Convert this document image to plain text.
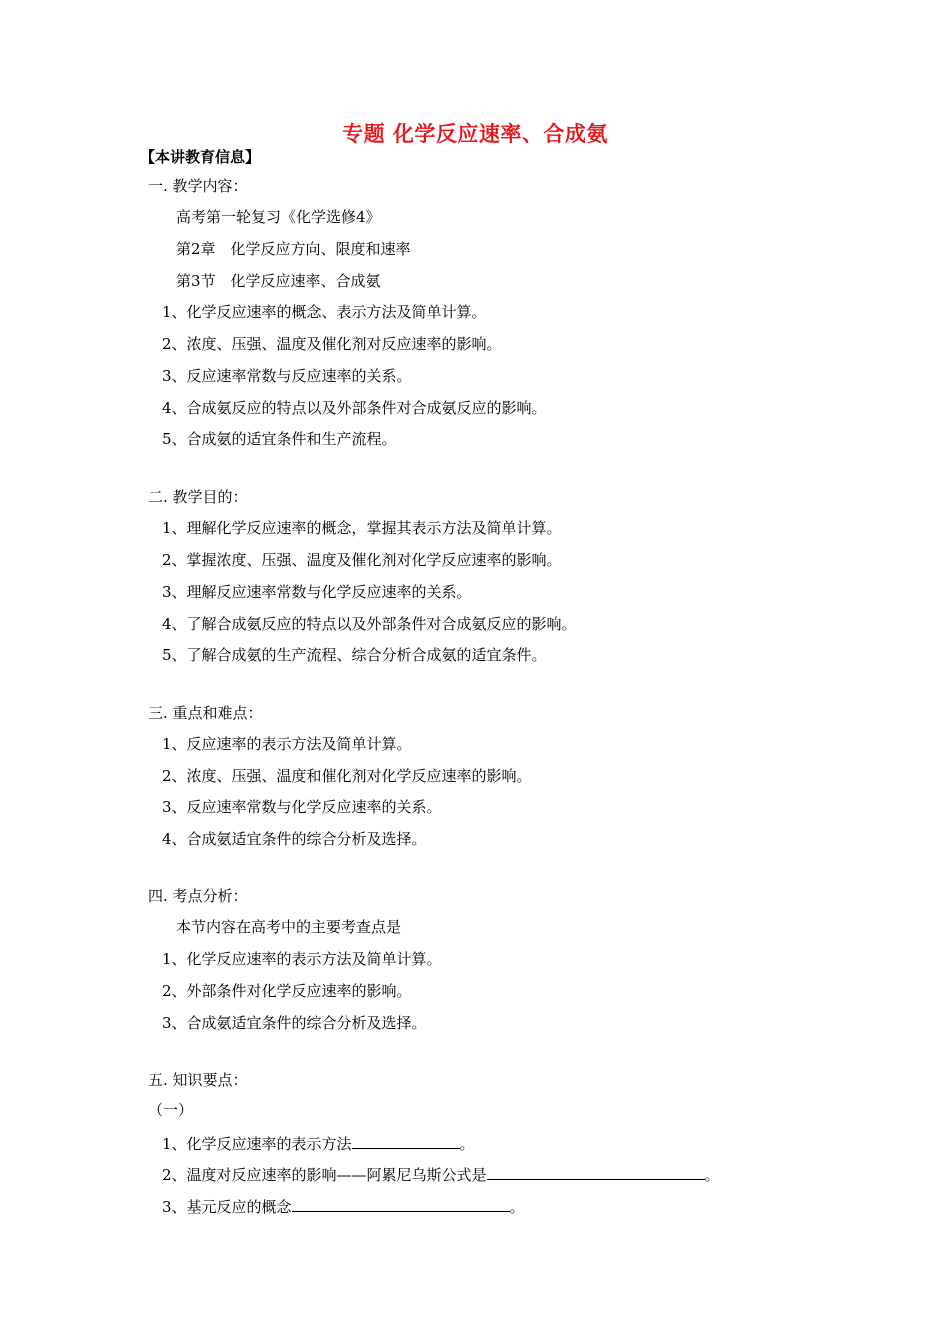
专题 化学反应速率、合成氨
【本讲教育信息】
一. 教学内容：
高考第一轮复习《化学选修4》
第2章　化学反应方向、限度和速率
第3节　化学反应速率、合成氨
1、化学反应速率的概念、表示方法及简单计算。
2、浓度、压强、温度及催化剂对反应速率的影响。
3、反应速率常数与反应速率的关系。
4、合成氨反应的特点以及外部条件对合成氨反应的影响。
5、合成氨的适宜条件和生产流程。
二. 教学目的：
1、理解化学反应速率的概念，掌握其表示方法及简单计算。
2、掌握浓度、压强、温度及催化剂对化学反应速率的影响。
3、理解反应速率常数与化学反应速率的关系。
4、了解合成氨反应的特点以及外部条件对合成氨反应的影响。
5、了解合成氨的生产流程、综合分析合成氨的适宜条件。
三. 重点和难点：
1、反应速率的表示方法及简单计算。
2、浓度、压强、温度和催化剂对化学反应速率的影响。
3、反应速率常数与化学反应速率的关系。
4、合成氨适宜条件的综合分析及选择。
四. 考点分析：
本节内容在高考中的主要考查点是
1、化学反应速率的表示方法及简单计算。
2、外部条件对化学反应速率的影响。
3、合成氨适宜条件的综合分析及选择。
五. 知识要点：
（一）
1、化学反应速率的表示方法	。
2、温度对反应速率的影响——阿累尼乌斯公式是	。
3、基元反应的概念	。
